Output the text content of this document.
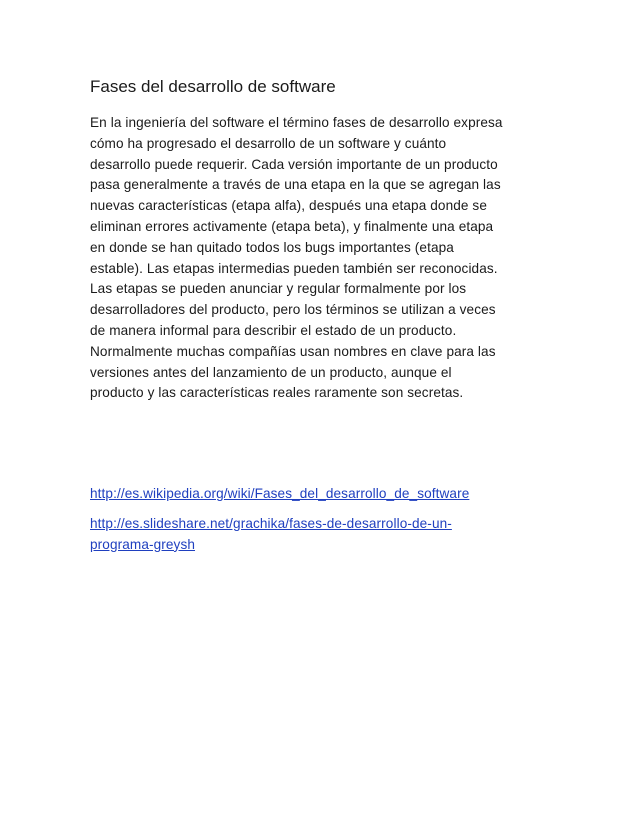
Fases del desarrollo de software
En la ingeniería del software el término fases de desarrollo expresa
cómo ha progresado el desarrollo de un software y cuánto
desarrollo puede requerir. Cada versión importante de un producto
pasa generalmente a través de una etapa en la que se agregan las
nuevas características (etapa alfa), después una etapa donde se
eliminan errores activamente (etapa beta), y finalmente una etapa
en donde se han quitado todos los bugs importantes (etapa
estable). Las etapas intermedias pueden también ser reconocidas.
Las etapas se pueden anunciar y regular formalmente por los
desarrolladores del producto, pero los términos se utilizan a veces
de manera informal para describir el estado de un producto.
Normalmente muchas compañías usan nombres en clave para las
versiones antes del lanzamiento de un producto, aunque el
producto y las características reales raramente son secretas.
http://es.wikipedia.org/wiki/Fases_del_desarrollo_de_software
http://es.slideshare.net/grachika/fases-de-desarrollo-de-un-
programa-greysh
